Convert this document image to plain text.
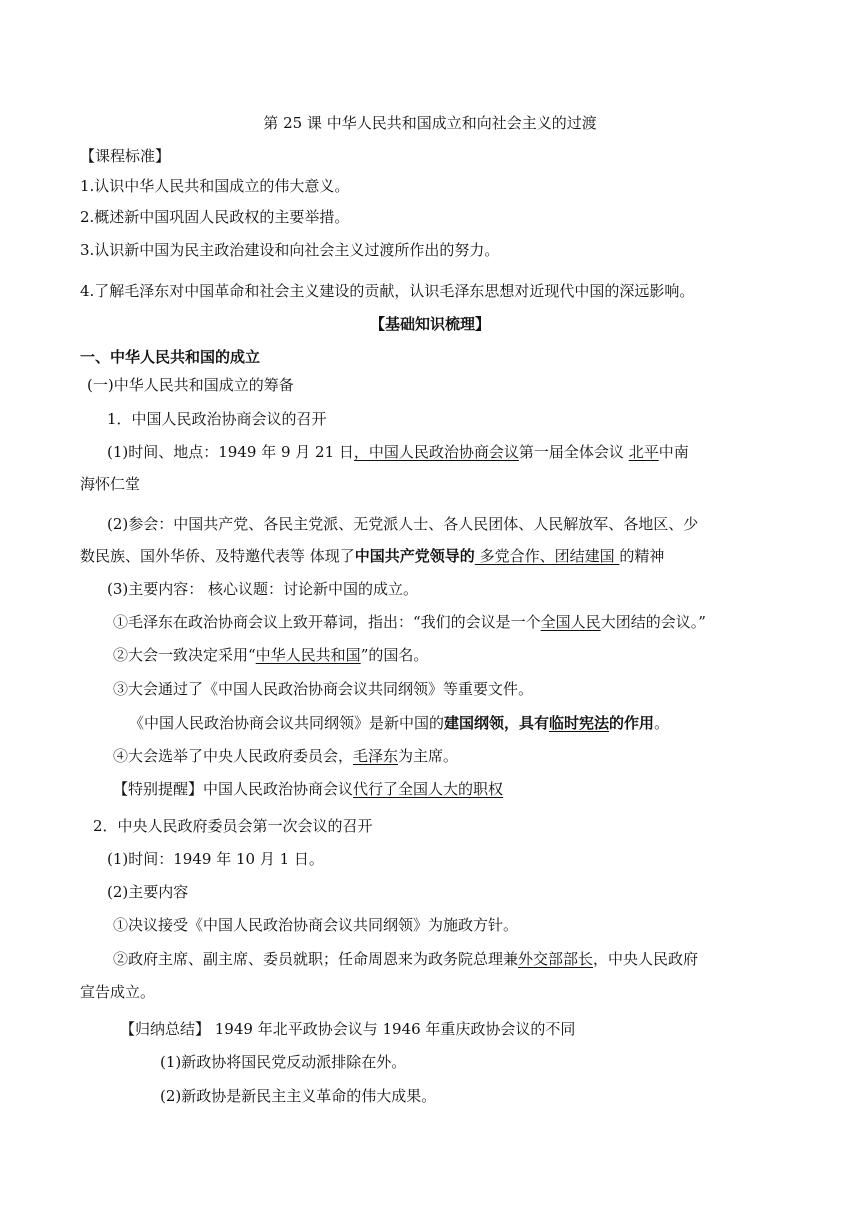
第 25 课 中华人民共和国成立和向社会主义的过渡
【课程标准】
1.认识中华人民共和国成立的伟大意义。
2.概述新中国巩固人民政权的主要举措。
3.认识新中国为民主政治建设和向社会主义过渡所作出的努力。
4.了解毛泽东对中国革命和社会主义建设的贡献，认识毛泽东思想对近现代中国的深远影响。
【基础知识梳理】
一、中华人民共和国的成立
(一)中华人民共和国成立的筹备
1．中国人民政治协商会议的召开
(1)时间、地点：1949 年 9 月 21 日，中国人民政治协商会议第一届全体会议 北平中南
海怀仁堂
(2)参会：中国共产党、各民主党派、无党派人士、各人民团体、人民解放军、各地区、少
数民族、国外华侨、及特邀代表等 体现了中国共产党领导的 多党合作、团结建国 的精神
(3)主要内容： 核心议题：讨论新中国的成立。
①毛泽东在政治协商会议上致开幕词，指出：“我们的会议是一个全国人民大团结的会议。”
②大会一致决定采用“中华人民共和国”的国名。
③大会通过了《中国人民政治协商会议共同纲领》等重要文件。
《中国人民政治协商会议共同纲领》是新中国的建国纲领，具有临时宪法的作用。
④大会选举了中央人民政府委员会，毛泽东为主席。
【特别提醒】中国人民政治协商会议代行了全国人大的职权
2．中央人民政府委员会第一次会议的召开
(1)时间：1949 年 10 月 1 日。
(2)主要内容
①决议接受《中国人民政治协商会议共同纲领》为施政方针。
②政府主席、副主席、委员就职；任命周恩来为政务院总理兼外交部部长，中央人民政府
宣告成立。
【归纳总结】 1949 年北平政协会议与 1946 年重庆政协会议的不同
(1)新政协将国民党反动派排除在外。
(2)新政协是新民主主义革命的伟大成果。
